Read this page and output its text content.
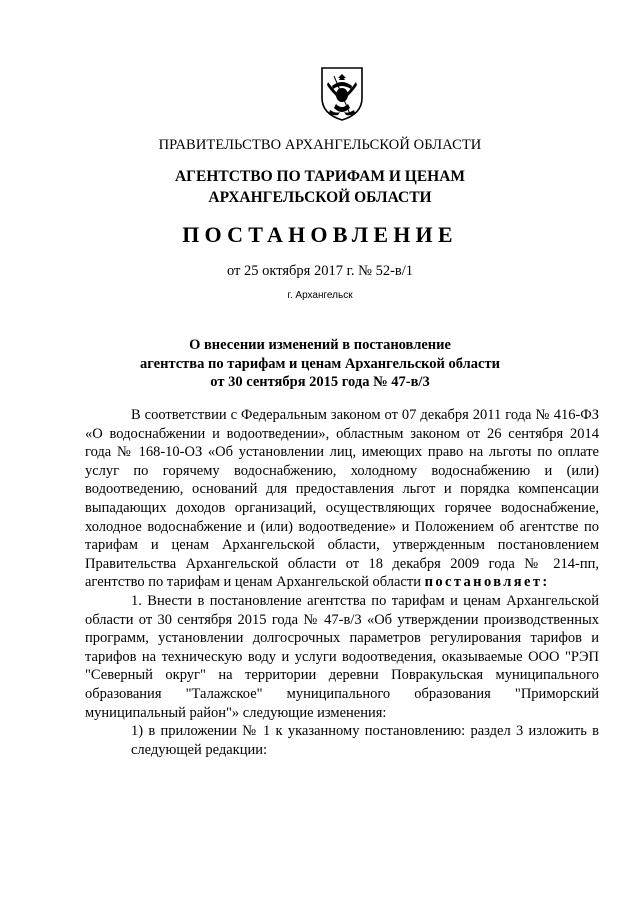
ПРАВИТЕЛЬСТВО АРХАНГЕЛЬСКОЙ ОБЛАСТИ
АГЕНТСТВО ПО ТАРИФАМ И ЦЕНАМ
АРХАНГЕЛЬСКОЙ ОБЛАСТИ
ПОСТАНОВЛЕНИЕ
от 25 октября 2017 г. № 52-в/1
г. Архангельск
О внесении изменений в постановление
агентства по тарифам и ценам Архангельской области
от 30 сентября 2015 года № 47-в/3

В соответствии с Федеральным законом от 07 декабря 2011 года № 416-ФЗ «О водоснабжении и водоотведении», областным законом от 26 сентября 2014 года № 168-10-ОЗ «Об установлении лиц, имеющих право на льготы по оплате услуг по горячему водоснабжению, холодному водоснабжению и (или) водоотведению, оснований для предоставления льгот и порядка компенсации выпадающих доходов организаций, осуществляющих горячее водоснабжение, холодное водоснабжение и (или) водоотведение» и Положением об агентстве по тарифам и ценам Архангельской области, утвержденным постановлением Правительства Архангельской области от 18 декабря 2009 года № 214-пп, агентство по тарифам и ценам Архангельской области постановляет:

1. Внести в постановление агентства по тарифам и ценам Архангельской области от 30 сентября 2015 года № 47-в/3 «Об утверждении производственных программ, установлении долгосрочных параметров регулирования тарифов и тарифов на техническую воду и услуги водоотведения, оказываемые ООО "РЭП "Северный округ" на территории деревни Повракульская муниципального образования "Талажское" муниципального образования "Приморский муниципальный район"» следующие изменения:

1) в приложении № 1 к указанному постановлению: раздел 3 изложить в следующей редакции:
